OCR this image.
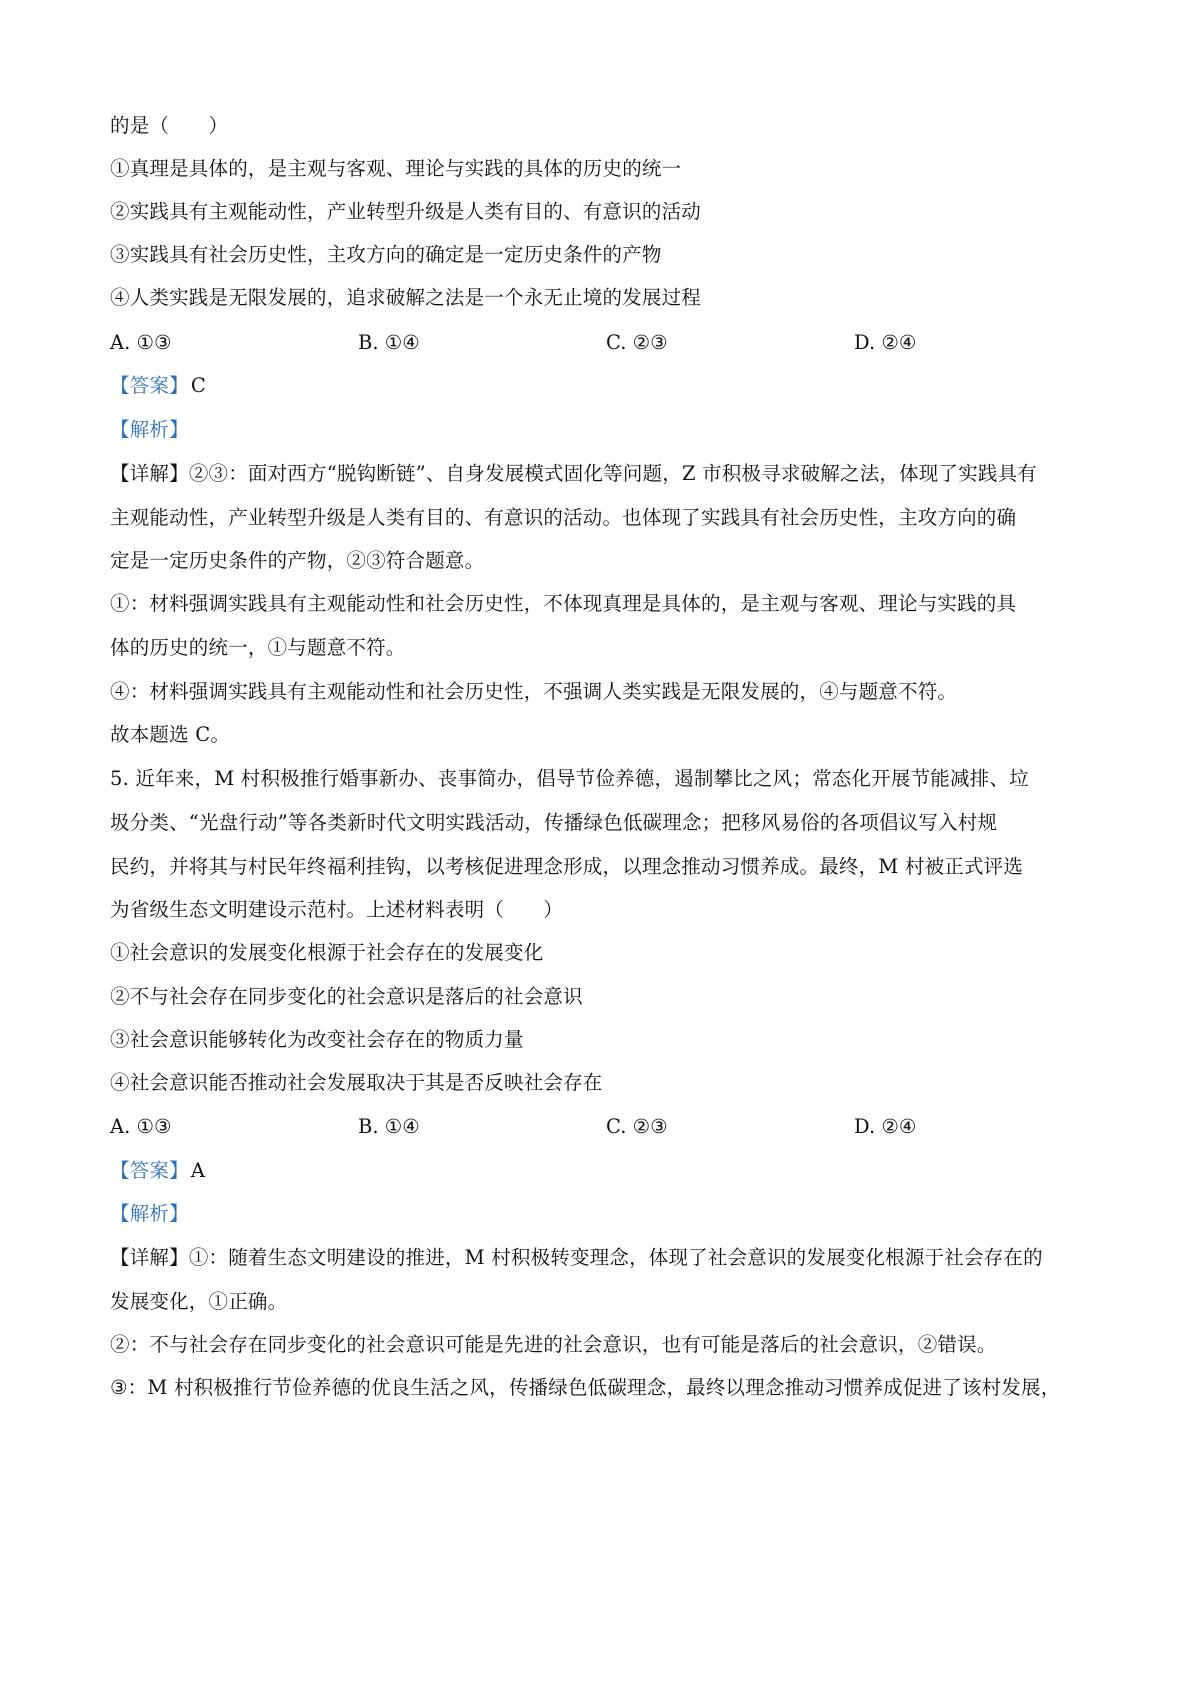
的是（　　）
①真理是具体的，是主观与客观、理论与实践的具体的历史的统一
②实践具有主观能动性，产业转型升级是人类有目的、有意识的活动
③实践具有社会历史性，主攻方向的确定是一定历史条件的产物
④人类实践是无限发展的，追求破解之法是一个永无止境的发展过程
A. ①③	B. ①④	C. ②③	D. ②④
【答案】 C
【解析】
【详解】②③：面对西方“脱钩断链”、自身发展模式固化等问题，Z 市积极寻求破解之法，体现了实践具有
主观能动性，产业转型升级是人类有目的、有意识的活动。也体现了实践具有社会历史性，主攻方向的确
定是一定历史条件的产物，②③符合题意。
①：材料强调实践具有主观能动性和社会历史性，不体现真理是具体的，是主观与客观、理论与实践的具
体的历史的统一，①与题意不符。
④：材料强调实践具有主观能动性和社会历史性，不强调人类实践是无限发展的，④与题意不符。
故本题选 C。
5. 近年来，M 村积极推行婚事新办、丧事简办，倡导节俭养德，遏制攀比之风；常态化开展节能减排、垃
圾分类、“光盘行动”等各类新时代文明实践活动，传播绿色低碳理念；把移风易俗的各项倡议写入村规
民约，并将其与村民年终福利挂钩，以考核促进理念形成，以理念推动习惯养成。最终，M 村被正式评选
为省级生态文明建设示范村。上述材料表明（　　）
①社会意识的发展变化根源于社会存在的发展变化
②不与社会存在同步变化的社会意识是落后的社会意识
③社会意识能够转化为改变社会存在的物质力量
④社会意识能否推动社会发展取决于其是否反映社会存在
A. ①③	B. ①④	C. ②③	D. ②④
【答案】 A
【解析】
【详解】①：随着生态文明建设的推进，M 村积极转变理念，体现了社会意识的发展变化根源于社会存在的
发展变化，①正确。
②：不与社会存在同步变化的社会意识可能是先进的社会意识，也有可能是落后的社会意识，②错误。
③：M 村积极推行节俭养德的优良生活之风，传播绿色低碳理念，最终以理念推动习惯养成促进了该村发展，
